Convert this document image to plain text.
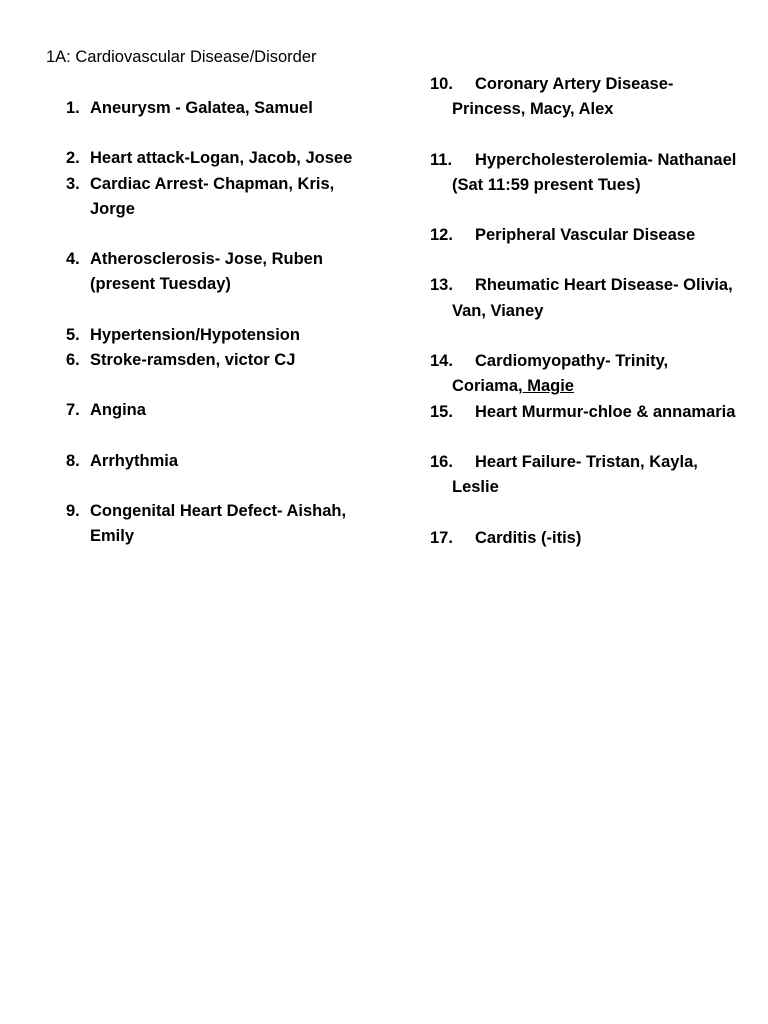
1A: Cardiovascular Disease/Disorder
1. Aneurysm - Galatea, Samuel
2. Heart attack-Logan, Jacob, Josee
3. Cardiac Arrest- Chapman, Kris, Jorge
4. Atherosclerosis- Jose, Ruben (present Tuesday)
5. Hypertension/Hypotension
6. Stroke-ramsden, victor CJ
7. Angina
8. Arrhythmia
9. Congenital Heart Defect- Aishah, Emily
10. Coronary Artery Disease- Princess, Macy, Alex
11. Hypercholesterolemia- Nathanael (Sat 11:59 present Tues)
12. Peripheral Vascular Disease
13. Rheumatic Heart Disease- Olivia, Van, Vianey
14. Cardiomyopathy- Trinity, Coriama, Magie
15. Heart Murmur-chloe & annamaria
16. Heart Failure- Tristan, Kayla, Leslie
17. Carditis (-itis)
